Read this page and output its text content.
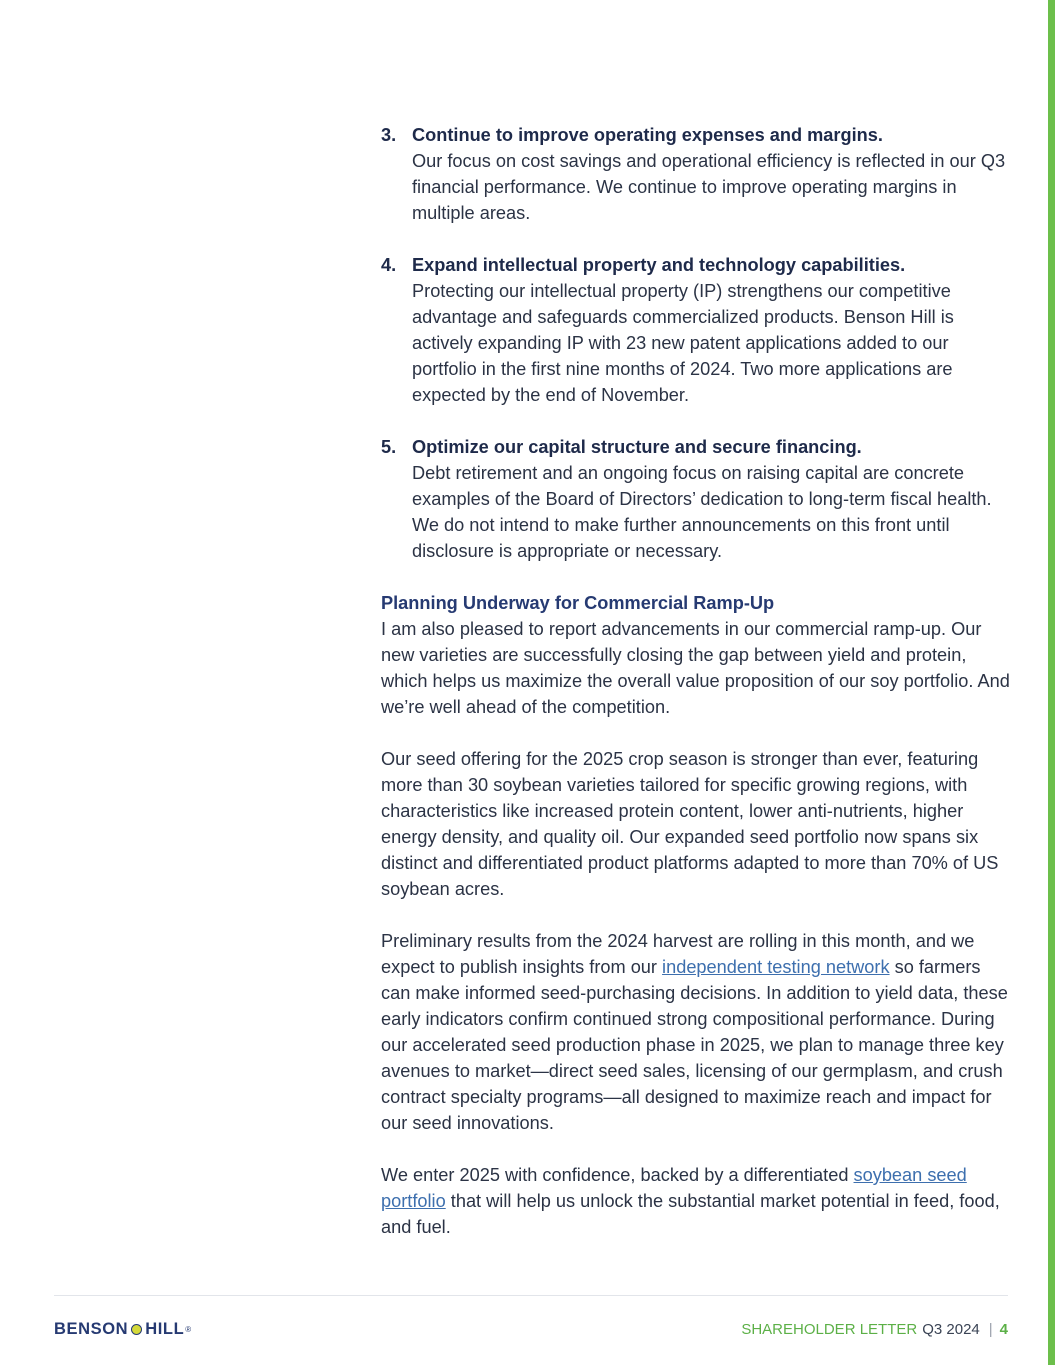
3. Continue to improve operating expenses and margins.
Our focus on cost savings and operational efficiency is reflected in our Q3 financial performance. We continue to improve operating margins in multiple areas.
4. Expand intellectual property and technology capabilities.
Protecting our intellectual property (IP) strengthens our competitive advantage and safeguards commercialized products. Benson Hill is actively expanding IP with 23 new patent applications added to our portfolio in the first nine months of 2024. Two more applications are expected by the end of November.
5. Optimize our capital structure and secure financing.
Debt retirement and an ongoing focus on raising capital are concrete examples of the Board of Directors’ dedication to long-term fiscal health. We do not intend to make further announcements on this front until disclosure is appropriate or necessary.

Planning Underway for Commercial Ramp-Up
I am also pleased to report advancements in our commercial ramp-up. Our new varieties are successfully closing the gap between yield and protein, which helps us maximize the overall value proposition of our soy portfolio. And we’re well ahead of the competition.

Our seed offering for the 2025 crop season is stronger than ever, featuring more than 30 soybean varieties tailored for specific growing regions, with characteristics like increased protein content, lower anti-nutrients, higher energy density, and quality oil. Our expanded seed portfolio now spans six distinct and differentiated product platforms adapted to more than 70% of US soybean acres.

Preliminary results from the 2024 harvest are rolling in this month, and we expect to publish insights from our independent testing network so farmers can make informed seed-purchasing decisions. In addition to yield data, these early indicators confirm continued strong compositional performance. During our accelerated seed production phase in 2025, we plan to manage three key avenues to market—direct seed sales, licensing of our germplasm, and crush contract specialty programs—all designed to maximize reach and impact for our seed innovations.

We enter 2025 with confidence, backed by a differentiated soybean seed portfolio that will help us unlock the substantial market potential in feed, food, and fuel.

BENSON HILL ®	SHAREHOLDER LETTER Q3 2024 | 4
